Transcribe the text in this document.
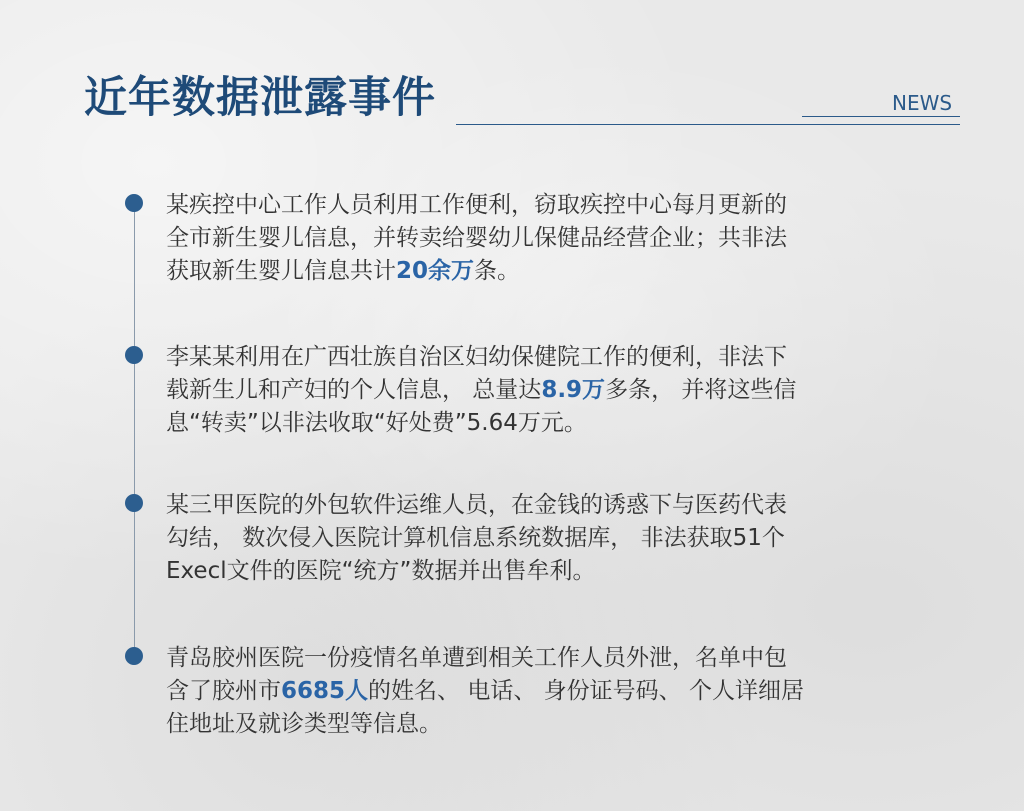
近年数据泄露事件	NEWS
某疾控中心工作人员利用工作便利，窃取疾控中心每月更新的
全市新生婴儿信息，并转卖给婴幼儿保健品经营企业；共非法
获取新生婴儿信息共计20余万条。
李某某利用在广西壮族自治区妇幼保健院工作的便利，非法下
载新生儿和产妇的个人信息， 总量达8.9万多条， 并将这些信
息“转卖”以非法收取“好处费”5.64万元。
某三甲医院的外包软件运维人员，在金钱的诱惑下与医药代表
勾结， 数次侵入医院计算机信息系统数据库， 非法获取51个
Execl文件的医院“统方”数据并出售牟利。
青岛胶州医院一份疫情名单遭到相关工作人员外泄，名单中包
含了胶州市6685人的姓名、 电话、 身份证号码、 个人详细居
住地址及就诊类型等信息。
